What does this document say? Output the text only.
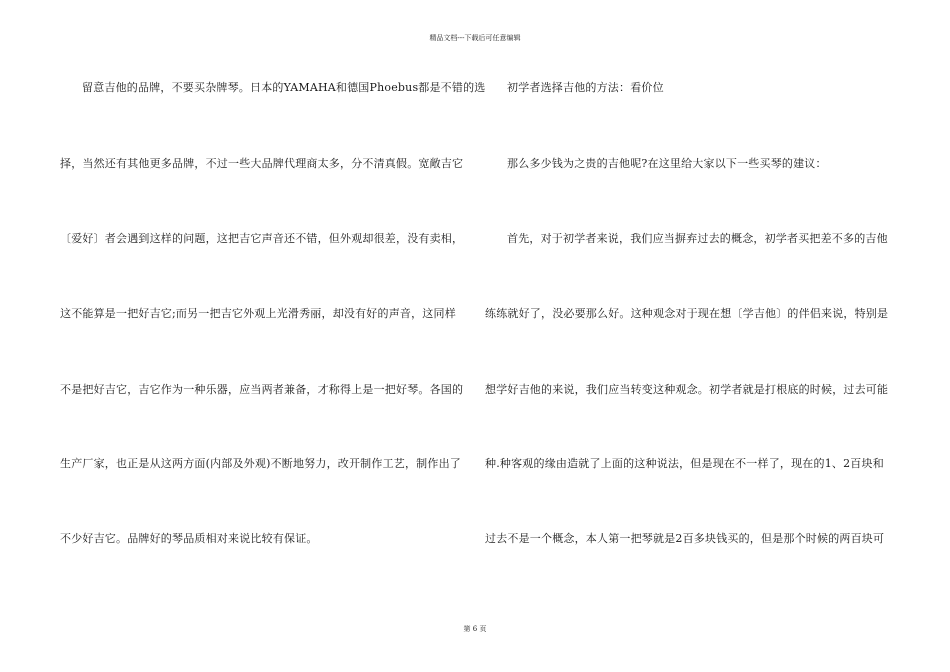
精品文档---下载后可任意编辑
留意吉他的品牌，不要买杂牌琴。日本的YAMAHA和德国Phoebus都是不错的选
择，当然还有其他更多品牌，不过一些大品牌代理商太多，分不清真假。宽敞吉它
〔爱好〕者会遇到这样的问题，这把吉它声音还不错，但外观却很差，没有卖相，
这不能算是一把好吉它;而另一把吉它外观上光滑秀丽，却没有好的声音，这同样
不是把好吉它，吉它作为一种乐器，应当两者兼备，才称得上是一把好琴。各国的
生产厂家，也正是从这两方面(内部及外观)不断地努力，改开制作工艺，制作出了
不少好吉它。品牌好的琴品质相对来说比较有保证。
初学者选择吉他的方法：看价位
那么多少钱为之贵的吉他呢?在这里给大家以下一些买琴的建议：
首先，对于初学者来说，我们应当摒弃过去的概念，初学者买把差不多的吉他
练练就好了，没必要那么好。这种观念对于现在想〔学吉他〕的伴侣来说，特别是
想学好吉他的来说，我们应当转变这种观念。初学者就是打根底的时候，过去可能
种.种客观的缘由造就了上面的这种说法，但是现在不一样了，现在的1、2百块和
过去不是一个概念，本人第一把琴就是2百多块钱买的，但是那个时候的两百块可
第 6 页
